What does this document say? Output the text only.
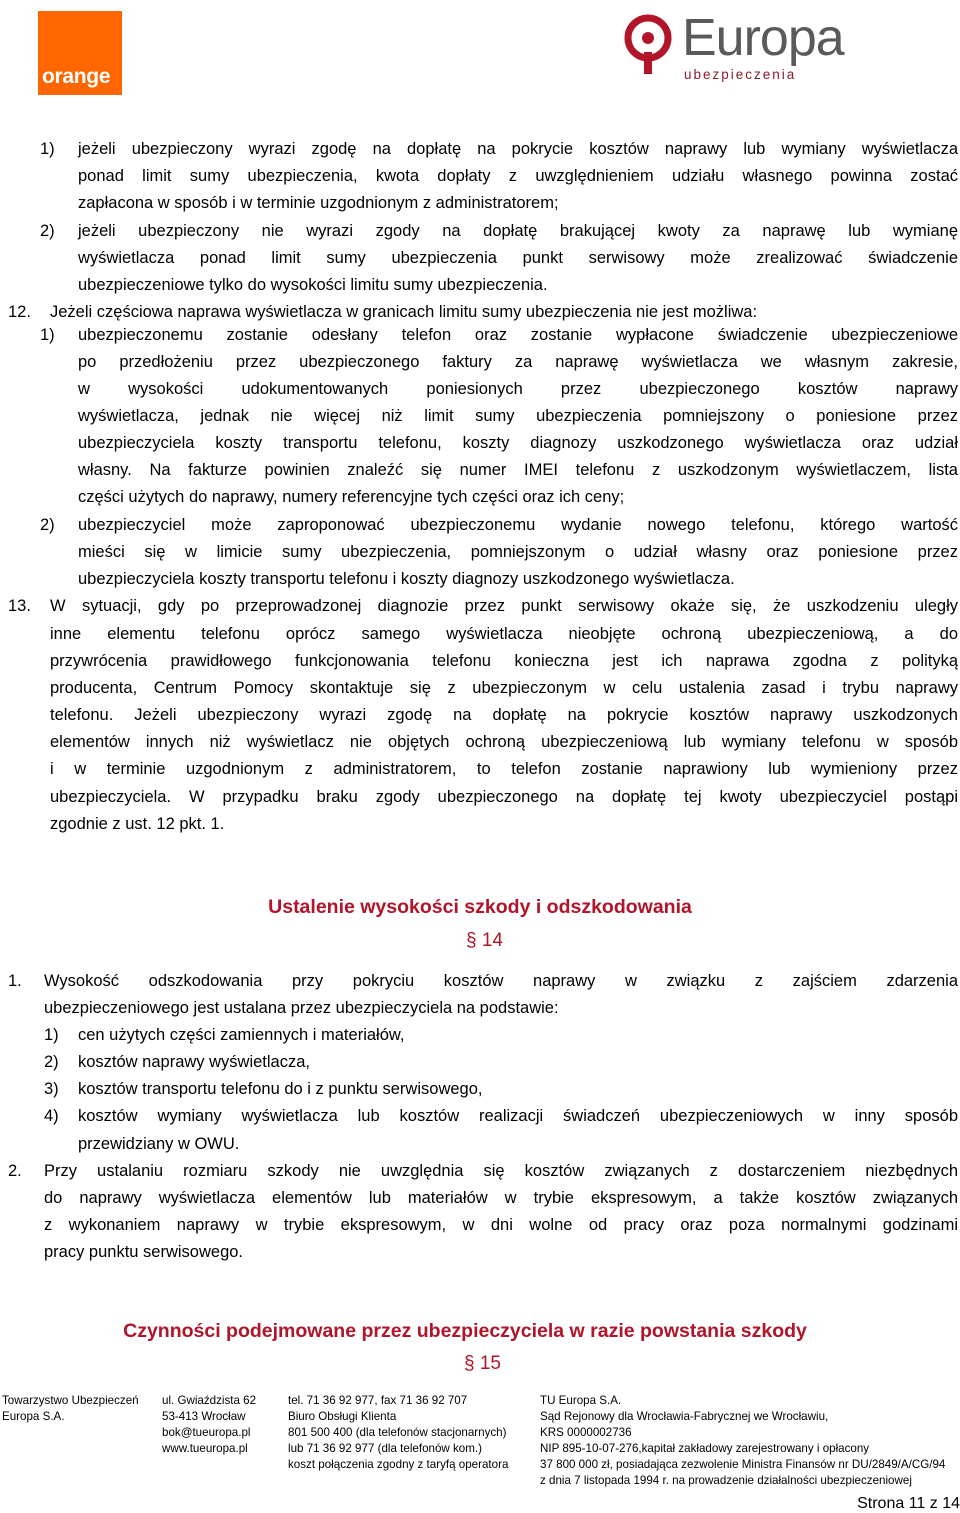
orange
Europa
ubezpieczenia
1) jeżeli ubezpieczony wyrazi zgodę na dopłatę na pokrycie kosztów naprawy lub wymiany wyświetlacza
ponad limit sumy ubezpieczenia, kwota dopłaty z uwzględnieniem udziału własnego powinna zostać
zapłacona w sposób i w terminie uzgodnionym z administratorem;
2) jeżeli ubezpieczony nie wyrazi zgody na dopłatę brakującej kwoty za naprawę lub wymianę
wyświetlacza ponad limit sumy ubezpieczenia punkt serwisowy może zrealizować świadczenie
ubezpieczeniowe tylko do wysokości limitu sumy ubezpieczenia.
12. Jeżeli częściowa naprawa wyświetlacza w granicach limitu sumy ubezpieczenia nie jest możliwa:
1) ubezpieczonemu zostanie odesłany telefon oraz zostanie wypłacone świadczenie ubezpieczeniowe
po przedłożeniu przez ubezpieczonego faktury za naprawę wyświetlacza we własnym zakresie,
w wysokości udokumentowanych poniesionych przez ubezpieczonego kosztów naprawy
wyświetlacza, jednak nie więcej niż limit sumy ubezpieczenia pomniejszony o poniesione przez
ubezpieczyciela koszty transportu telefonu, koszty diagnozy uszkodzonego wyświetlacza oraz udział
własny. Na fakturze powinien znaleźć się numer IMEI telefonu z uszkodzonym wyświetlaczem, lista
części użytych do naprawy, numery referencyjne tych części oraz ich ceny;
2) ubezpieczyciel może zaproponować ubezpieczonemu wydanie nowego telefonu, którego wartość
mieści się w limicie sumy ubezpieczenia, pomniejszonym o udział własny oraz poniesione przez
ubezpieczyciela koszty transportu telefonu i koszty diagnozy uszkodzonego wyświetlacza.
13. W sytuacji, gdy po przeprowadzonej diagnozie przez punkt serwisowy okaże się, że uszkodzeniu uległy
inne elementu telefonu oprócz samego wyświetlacza nieobjęte ochroną ubezpieczeniową, a do
przywrócenia prawidłowego funkcjonowania telefonu konieczna jest ich naprawa zgodna z polityką
producenta, Centrum Pomocy skontaktuje się z ubezpieczonym w celu ustalenia zasad i trybu naprawy
telefonu. Jeżeli ubezpieczony wyrazi zgodę na dopłatę na pokrycie kosztów naprawy uszkodzonych
elementów innych niż wyświetlacz nie objętych ochroną ubezpieczeniową lub wymiany telefonu w sposób
i w terminie uzgodnionym z administratorem, to telefon zostanie naprawiony lub wymieniony przez
ubezpieczyciela. W przypadku braku zgody ubezpieczonego na dopłatę tej kwoty ubezpieczyciel postąpi
zgodnie z ust. 12 pkt. 1.
Ustalenie wysokości szkody i odszkodowania
§ 14
1. Wysokość odszkodowania przy pokryciu kosztów naprawy w związku z zajściem zdarzenia
ubezpieczeniowego jest ustalana przez ubezpieczyciela na podstawie:
1) cen użytych części zamiennych i materiałów,
2) kosztów naprawy wyświetlacza,
3) kosztów transportu telefonu do i z punktu serwisowego,
4) kosztów wymiany wyświetlacza lub kosztów realizacji świadczeń ubezpieczeniowych w inny sposób
przewidziany w OWU.
2. Przy ustalaniu rozmiaru szkody nie uwzględnia się kosztów związanych z dostarczeniem niezbędnych
do naprawy wyświetlacza elementów lub materiałów w trybie ekspresowym, a także kosztów związanych
z wykonaniem naprawy w trybie ekspresowym, w dni wolne od pracy oraz poza normalnymi godzinami
pracy punktu serwisowego.
Czynności podejmowane przez ubezpieczyciela w razie powstania szkody
§ 15
Towarzystwo Ubezpieczeń
Europa S.A.
ul. Gwiaździsta 62
53-413 Wrocław
bok@tueuropa.pl
www.tueuropa.pl
tel. 71 36 92 977, fax 71 36 92 707
Biuro Obsługi Klienta
801 500 400 (dla telefonów stacjonarnych)
lub 71 36 92 977 (dla telefonów kom.)
koszt połączenia zgodny z taryfą operatora
TU Europa S.A.
Sąd Rejonowy dla Wrocławia-Fabrycznej we Wrocławiu,
KRS 0000002736
NIP 895-10-07-276,kapitał zakładowy zarejestrowany i opłacony
37 800 000 zł, posiadająca zezwolenie Ministra Finansów nr DU/2849/A/CG/94
z dnia 7 listopada 1994 r. na prowadzenie działalności ubezpieczeniowej
Strona 11 z 14
